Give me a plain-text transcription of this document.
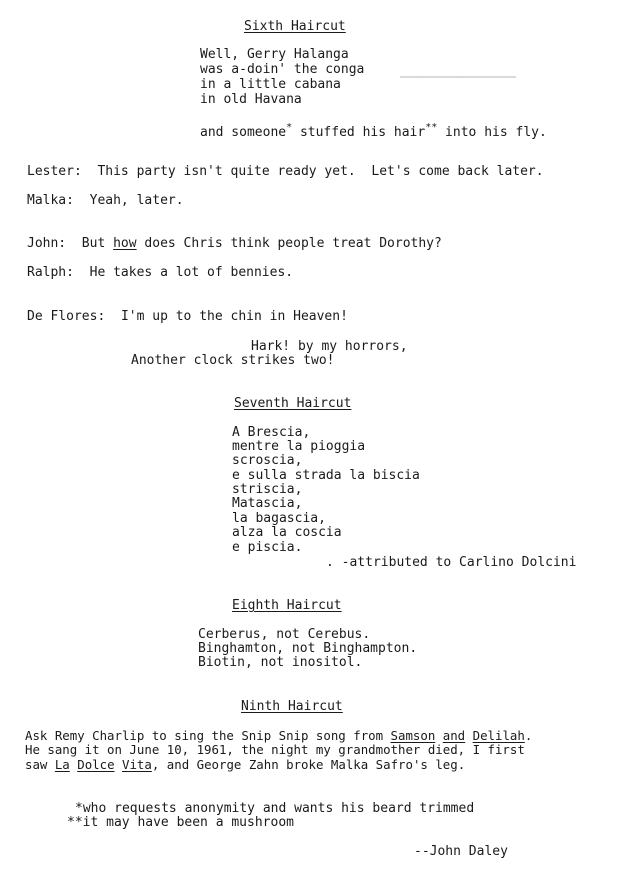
━━━━━━━━━━━━━━━━
Sixth Haircut
Well, Gerry Halanga
was a-doin' the conga
in a little cabana
in old Havana
and someone* stuffed his hair** into his fly.
Lester: This party isn't quite ready yet.  Let's come back later.
Malka: Yeah, later.
John: But how does Chris think people treat Dorothy?
Ralph: He takes a lot of bennies.
De Flores: I'm up to the chin in Heaven!
Hark! by my horrors,
Another clock strikes two!
Seventh Haircut
A Brescia,
mentre la pioggia
scroscia,
e sulla strada la biscia
striscia,
Matascia,
la bagascia,
alza la coscia
e piscia.
. -attributed to Carlino Dolcini
Eighth Haircut
Cerberus, not Cerebus.
Binghamton, not Binghampton.
Biotin, not inositol.
Ninth Haircut
Ask Remy Charlip to sing the Snip Snip song from Samson and Delilah.
He sang it on June 10, 1961, the night my grandmother died, I first
saw La Dolce Vita, and George Zahn broke Malka Safro's leg.
*who requests anonymity and wants his beard trimmed
**it may have been a mushroom
--John Daley
